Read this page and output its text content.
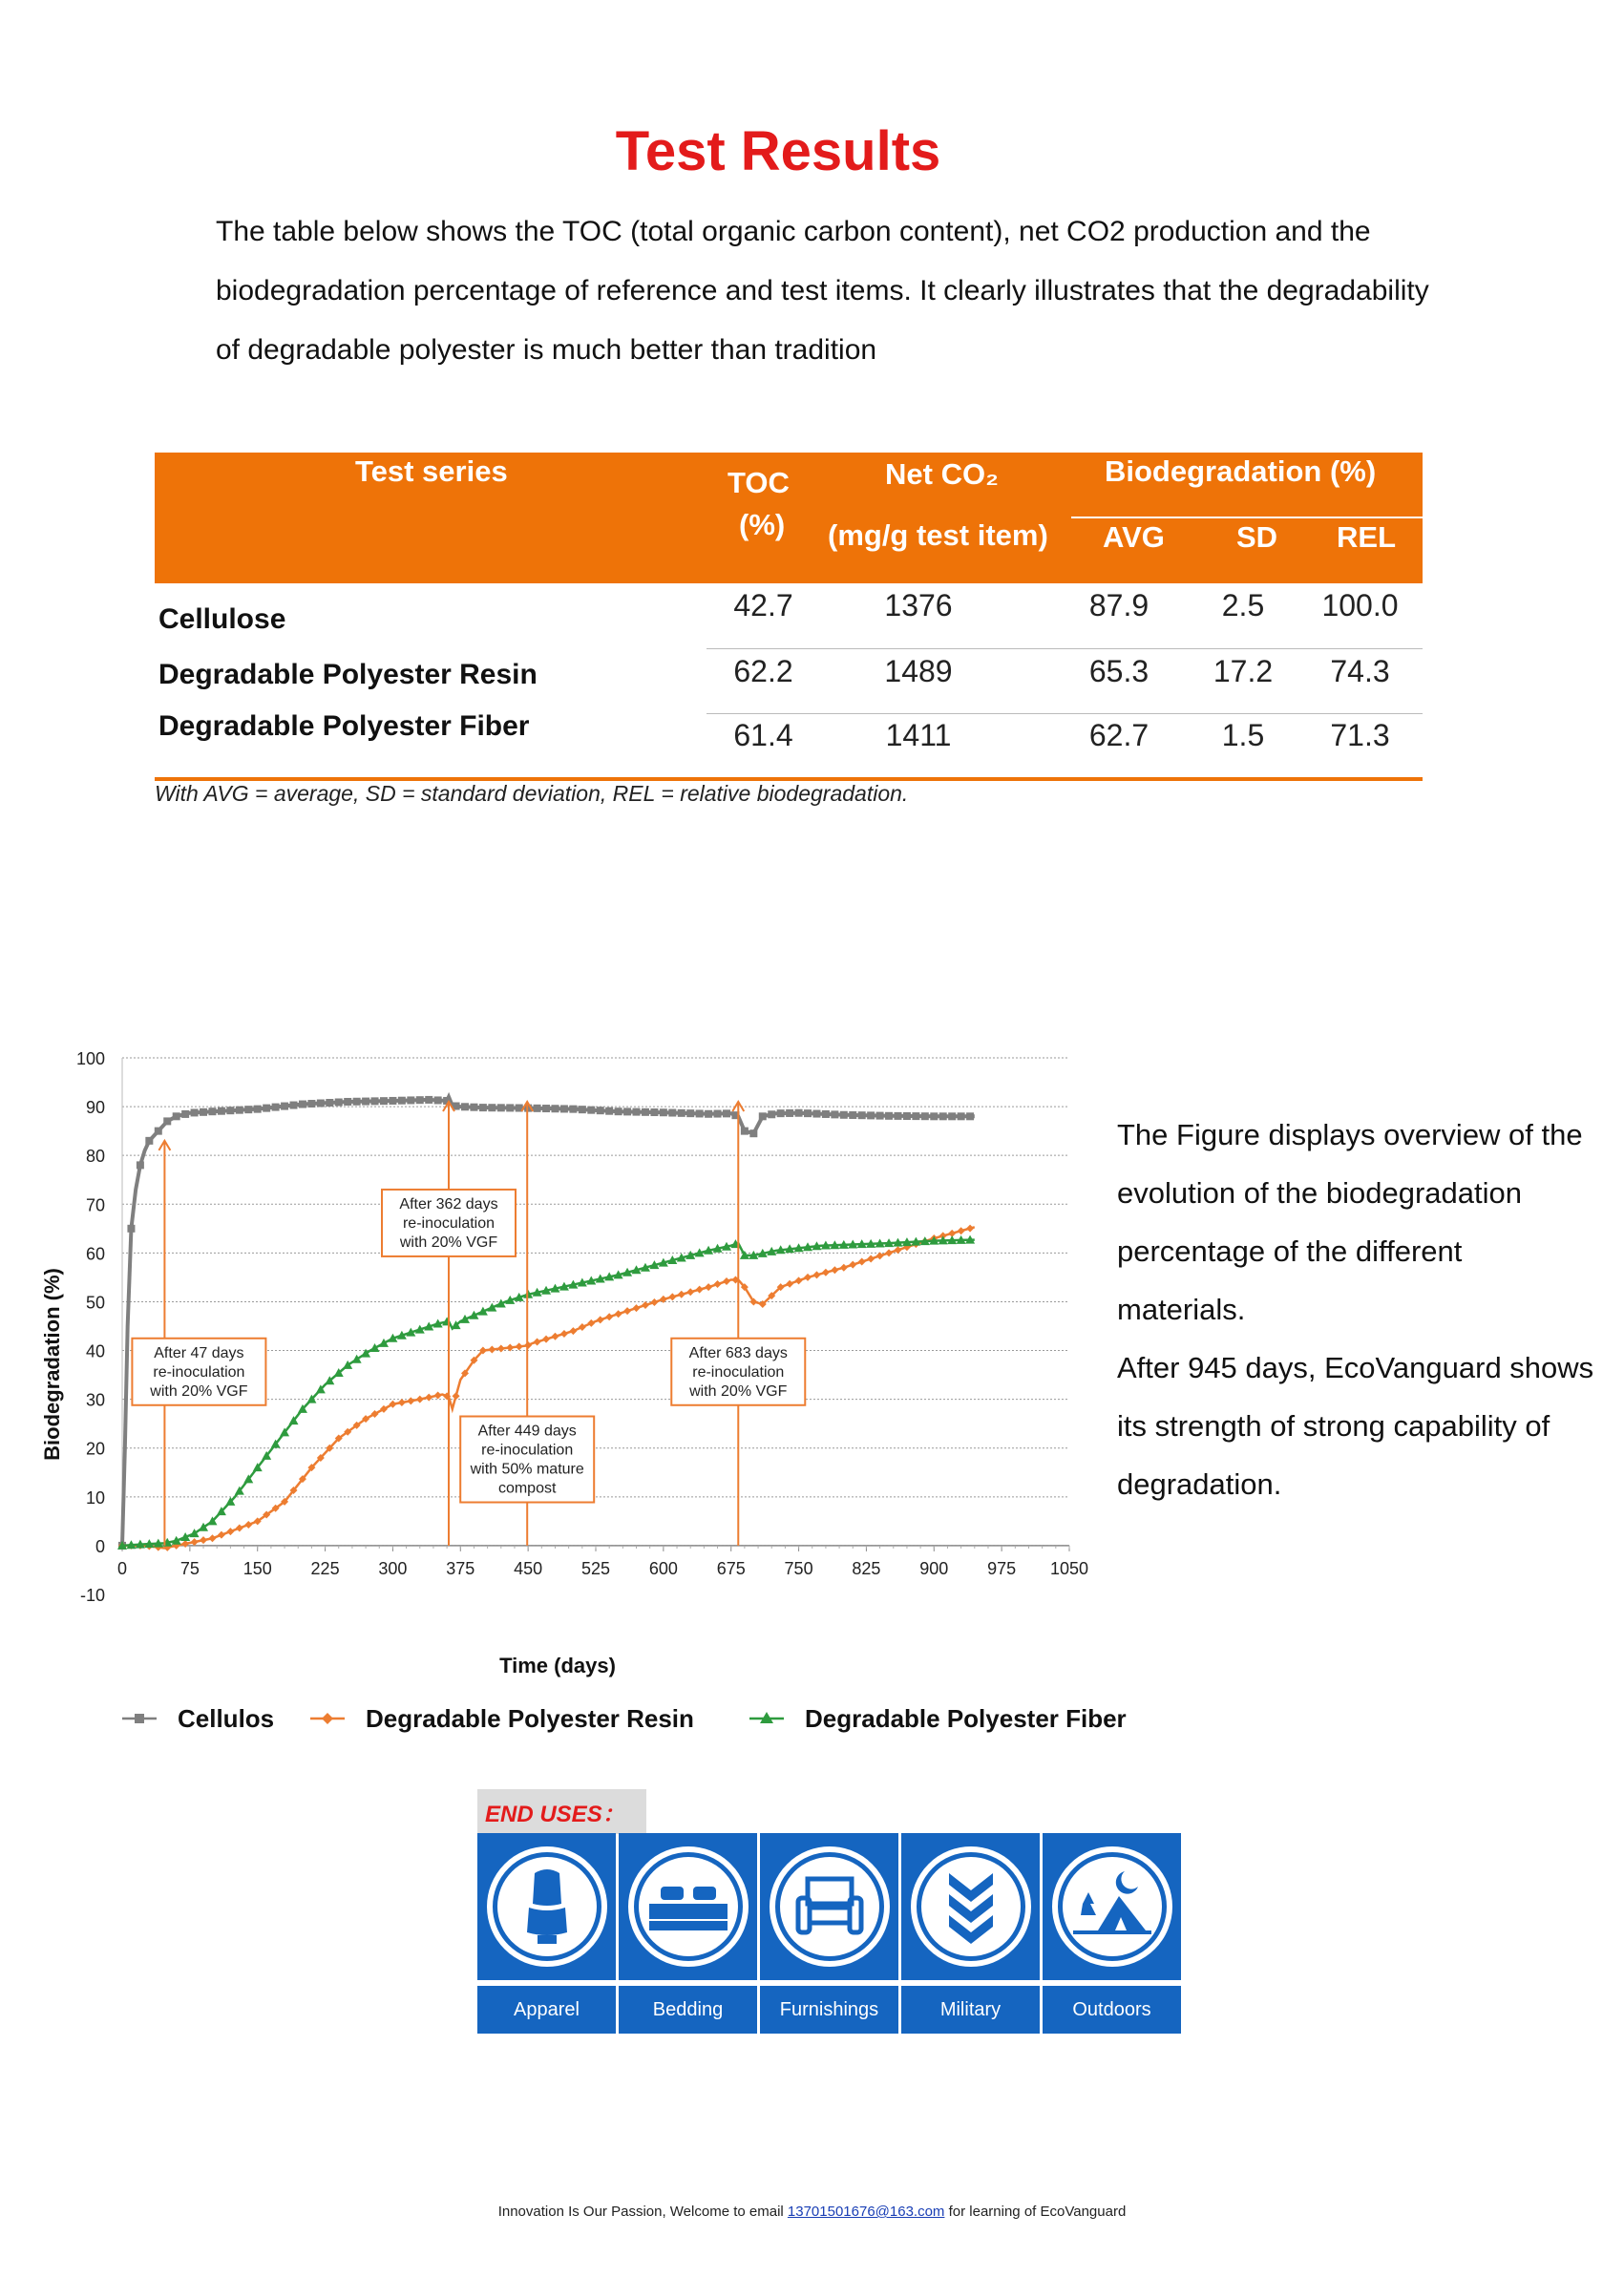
Test Results
The table below shows the TOC (total organic carbon content), net CO2 production and the biodegradation percentage of reference and test items. It clearly illustrates that the degradability of degradable polyester is much better than tradition
Test series	TOC
(%)
Net CO₂
(mg/g test item)
Biodegradation (%)
AVG SD REL
Cellulose	42.7	1376	87.9	2.5	100.0
Degradable Polyester Resin	62.2	1489	65.3 17.2	74.3
Degradable Polyester Fiber	61.4	1411	62.7	1.5	71.3
With AVG = average, SD = standard deviation, REL = relative biodegradation.
-10
0
10
20
30
40
50
60
70
80
90
100
0	75	150 225 300 375 450 525 600 675 750 825 900 975 1050
After 47 days
re-inoculation
with 20% VGF
After 362 days
re-inoculation
with 20% VGF
After 449 days
re-inoculation
with 50% mature
compost
After 683 days
re-inoculation
with 20% VGF
Time (days)
Biodegradation (%)
Cellulos	Degradable Polyester Resin	Degradable Polyester Fiber
The Figure displays overview of the evolution of the biodegradation percentage of the different materials.
After 945 days, EcoVanguard shows its strength of strong capability of degradation.
END USES：
Apparel	Bedding	Furnishings	Military	Outdoors
Innovation Is Our Passion, Welcome to email 13701501676@163.com for learning of EcoVanguard
